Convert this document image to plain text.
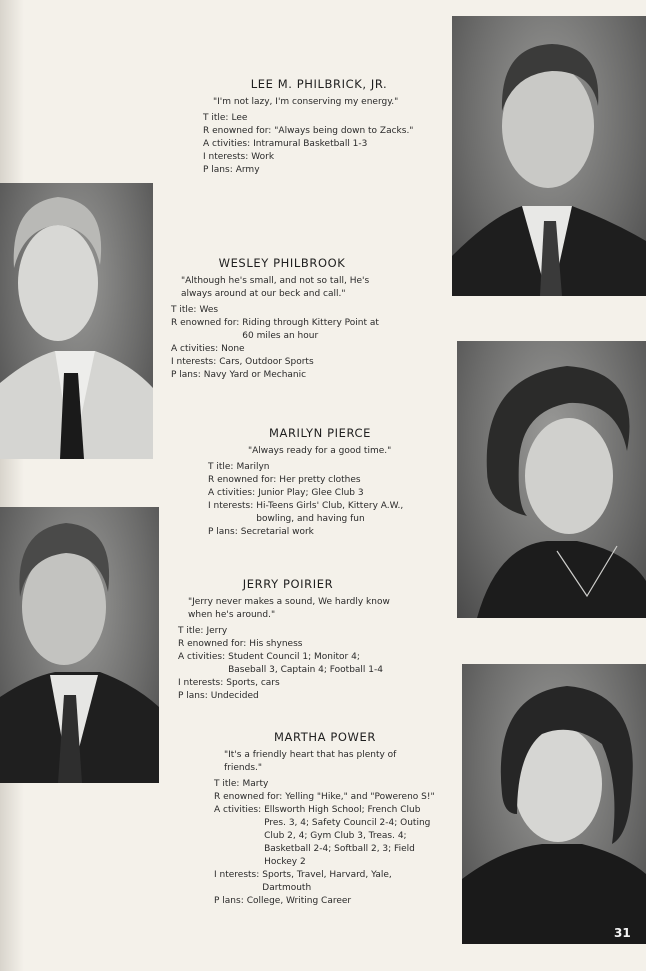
LEE M. PHILBRICK, JR.
"I'm not lazy, I'm conserving my energy."
T itle: Lee
R enowned for: "Always being down to Zacks."
A ctivities: Intramural Basketball 1-3
I nterests: Work
P lans: Army
WESLEY PHILBROOK
"Although he's small, and not so tall, He's always around at our beck and call."
T itle: Wes
R enowned for: Riding through Kittery Point at 60 miles an hour
A ctivities: None
I nterests: Cars, Outdoor Sports
P lans: Navy Yard or Mechanic
MARILYN PIERCE
"Always ready for a good time."
T itle: Marilyn
R enowned for: Her pretty clothes
A ctivities: Junior Play; Glee Club 3
I nterests: Hi-Teens Girls' Club, Kittery A.W., bowling, and having fun
P lans: Secretarial work
JERRY POIRIER
"Jerry never makes a sound, We hardly know when he's around."
T itle: Jerry
R enowned for: His shyness
A ctivities: Student Council 1; Monitor 4; Baseball 3, Captain 4; Football 1-4
I nterests: Sports, cars
P lans: Undecided
MARTHA POWER
"It's a friendly heart that has plenty of friends."
T itle: Marty
R enowned for: Yelling "Hike," and "Powereno S!"
A ctivities: Ellsworth High School; French Club Pres. 3, 4; Safety Council 2-4; Outing Club 2, 4; Gym Club 3, Treas. 4; Basketball 2-4; Softball 2, 3; Field Hockey 2
I nterests: Sports, Travel, Harvard, Yale, Dartmouth
P lans: College, Writing Career
31
